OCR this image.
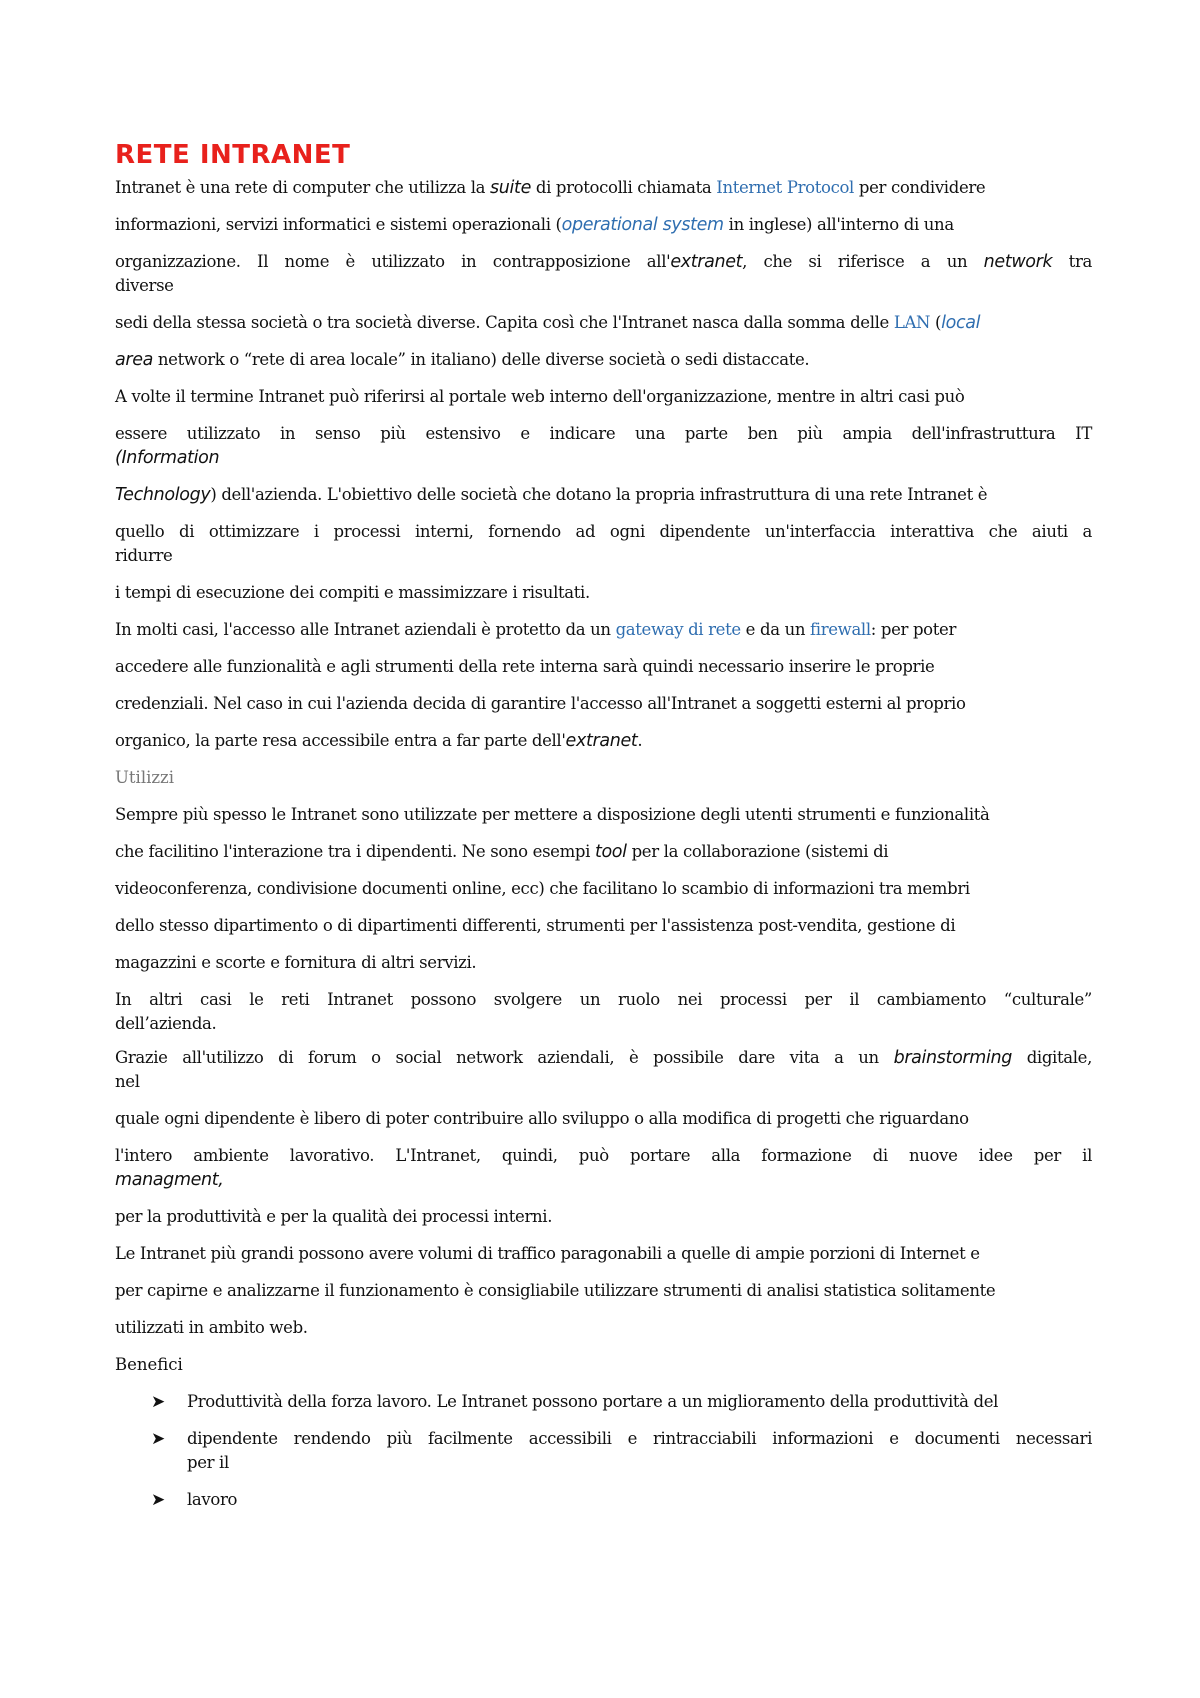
RETE INTRANET

Intranet è una rete di computer che utilizza la suite di protocolli chiamata Internet Protocol per condividere

informazioni, servizi informatici e sistemi operazionali (operational system in inglese) all'interno di una

organizzazione. Il nome è utilizzato in contrapposizione all'extranet, che si riferisce a un network tra
diverse

sedi della stessa società o tra società diverse. Capita così che l'Intranet nasca dalla somma delle LAN (local

area network o “rete di area locale” in italiano) delle diverse società o sedi distaccate.

A volte il termine Intranet può riferirsi al portale web interno dell'organizzazione, mentre in altri casi può

essere utilizzato in senso più estensivo e indicare una parte ben più ampia dell'infrastruttura IT
(Information

Technology) dell'azienda. L'obiettivo delle società che dotano la propria infrastruttura di una rete Intranet è

quello di ottimizzare i processi interni, fornendo ad ogni dipendente un'interfaccia interattiva che aiuti a
ridurre

i tempi di esecuzione dei compiti e massimizzare i risultati.

In molti casi, l'accesso alle Intranet aziendali è protetto da un gateway di rete e da un firewall: per poter

accedere alle funzionalità e agli strumenti della rete interna sarà quindi necessario inserire le proprie

credenziali. Nel caso in cui l'azienda decida di garantire l'accesso all'Intranet a soggetti esterni al proprio

organico, la parte resa accessibile entra a far parte dell'extranet.

Utilizzi

Sempre più spesso le Intranet sono utilizzate per mettere a disposizione degli utenti strumenti e funzionalità

che facilitino l'interazione tra i dipendenti. Ne sono esempi tool per la collaborazione (sistemi di

videoconferenza, condivisione documenti online, ecc) che facilitano lo scambio di informazioni tra membri

dello stesso dipartimento o di dipartimenti differenti, strumenti per l'assistenza post-vendita, gestione di

magazzini e scorte e fornitura di altri servizi.

In altri casi le reti Intranet possono svolgere un ruolo nei processi per il cambiamento “culturale”
dell’azienda.

Grazie all'utilizzo di forum o social network aziendali, è possibile dare vita a un brainstorming digitale,
nel

quale ogni dipendente è libero di poter contribuire allo sviluppo o alla modifica di progetti che riguardano

l'intero ambiente lavorativo. L'Intranet, quindi, può portare alla formazione di nuove idee per il
managment,

per la produttività e per la qualità dei processi interni.

Le Intranet più grandi possono avere volumi di traffico paragonabili a quelle di ampie porzioni di Internet e

per capirne e analizzarne il funzionamento è consigliabile utilizzare strumenti di analisi statistica solitamente

utilizzati in ambito web.

Benefici

➤ Produttività della forza lavoro. Le Intranet possono portare a un miglioramento della produttività del
➤ dipendente rendendo più facilmente accessibili e rintracciabili informazioni e documenti necessari
per il
➤ lavoro
